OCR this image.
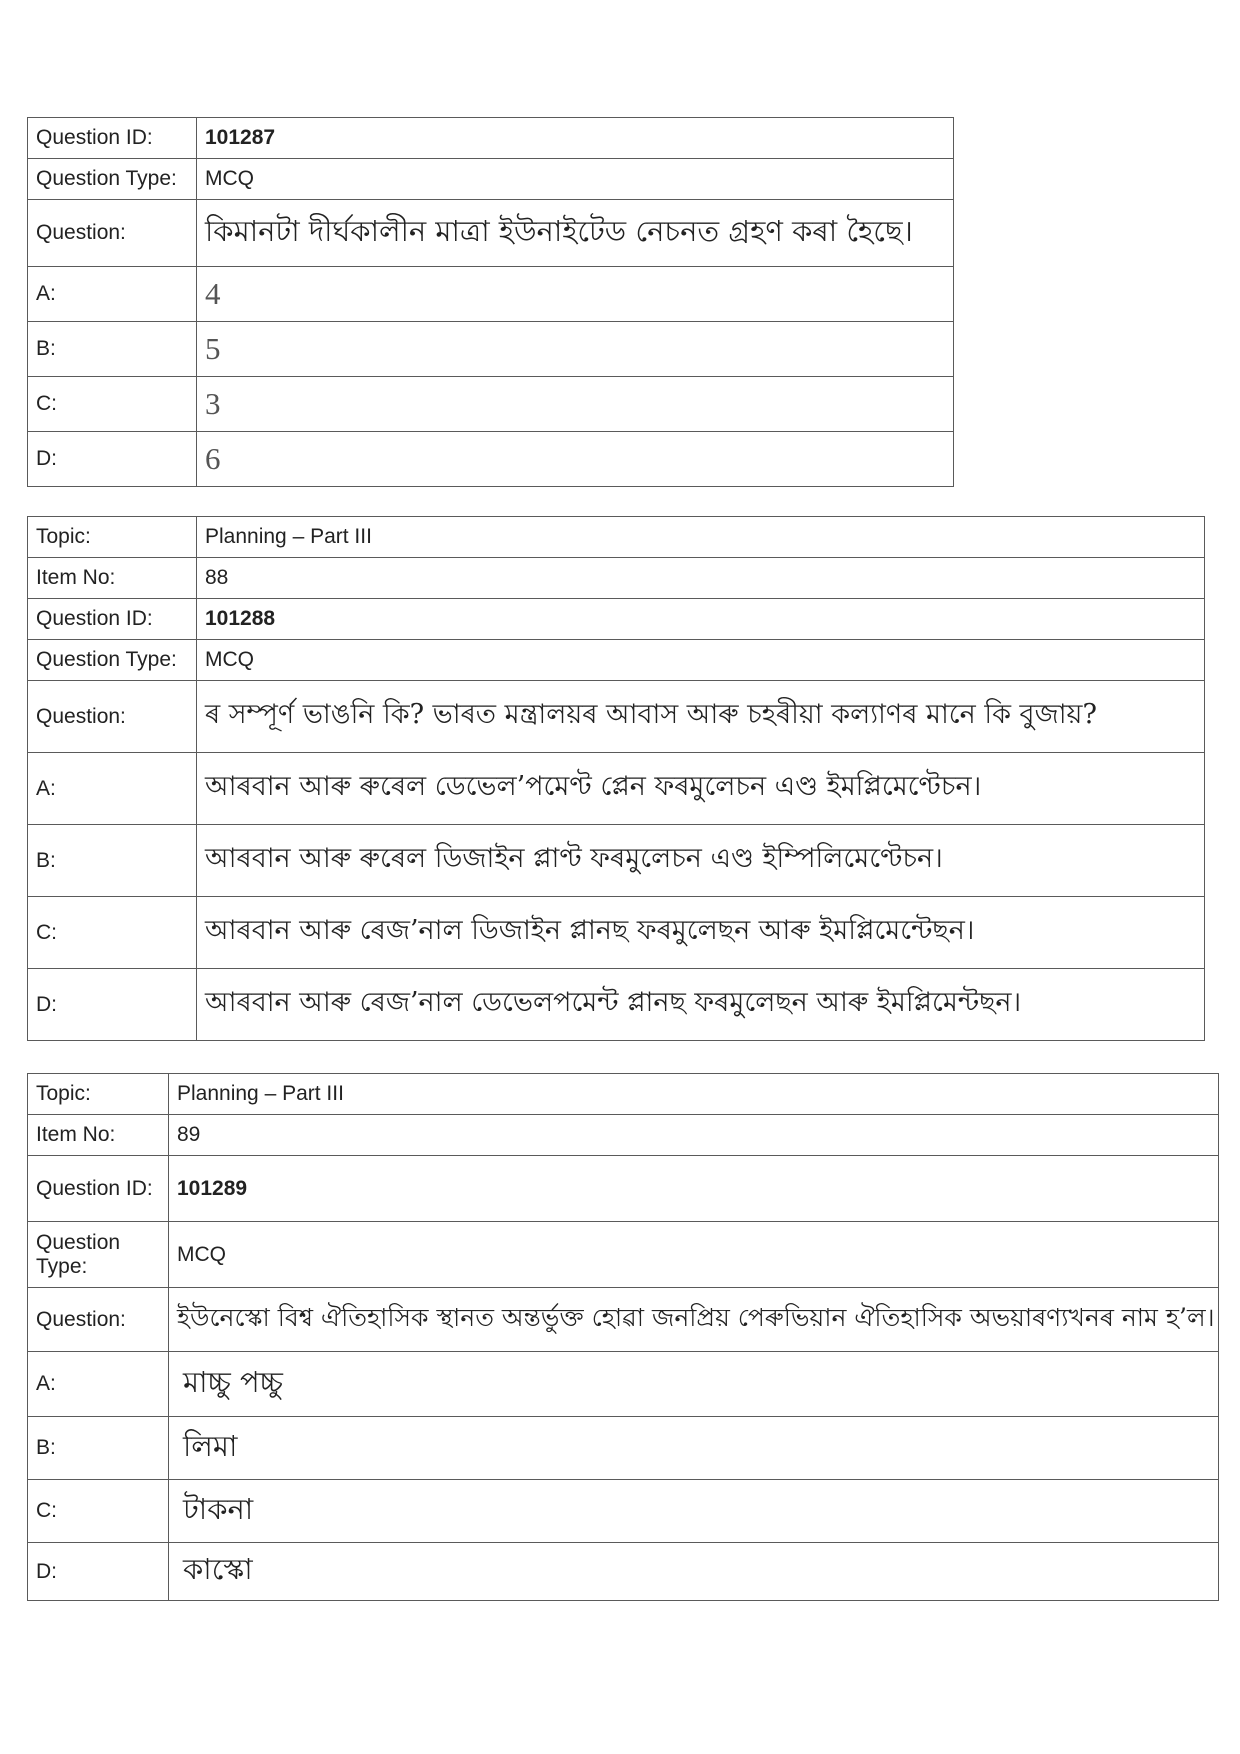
Question ID:	101287
Question Type:	MCQ
Question:	কিমানটা দীৰ্ঘকালীন মাত্ৰা ইউনাইটেড নেচনত গ্ৰহণ কৰা হৈছে।
A:	4
B:	5
C:	3
D:	6
Topic:	Planning – Part III
Item No:	88
Question ID:	101288
Question Type:	MCQ
Question:	ৰ সম্পূৰ্ণ ভাঙনি কি? ভাৰত মন্ত্ৰালয়ৰ আবাস আৰু চহৰীয়া কল্যাণৰ মানে কি বুজায়?
A:	আৰবান আৰু ৰুৰেল ডেভেল’পমেণ্ট প্লেন ফৰমুলেচন এণ্ড ইমপ্লিমেণ্টেচন।
B:	আৰবান আৰু ৰুৰেল ডিজাইন প্লাণ্ট ফৰমুলেচন এণ্ড ইম্পিলিমেণ্টেচন।
C:	আৰবান আৰু ৰেজ’নাল ডিজাইন প্লানছ ফৰমুলেছন আৰু ইমপ্লিমেন্টেছন।
D:	আৰবান আৰু ৰেজ’নাল ডেভেলপমেন্ট প্লানছ ফৰমুলেছন আৰু ইমপ্লিমেন্টছন।
Topic:	Planning – Part III
Item No:	89
Question ID:	101289
Question Type:	MCQ
Question:	ইউনেস্কো বিশ্ব ঐতিহাসিক স্থানত অন্তৰ্ভুক্ত হোৱা জনপ্ৰিয় পেৰুভিয়ান ঐতিহাসিক অভয়াৰণ্যখনৰ নাম হ’ল।
A:	মাচ্চু পচ্চু
B:	লিমা
C:	টাকনা
D:	কাস্কো
